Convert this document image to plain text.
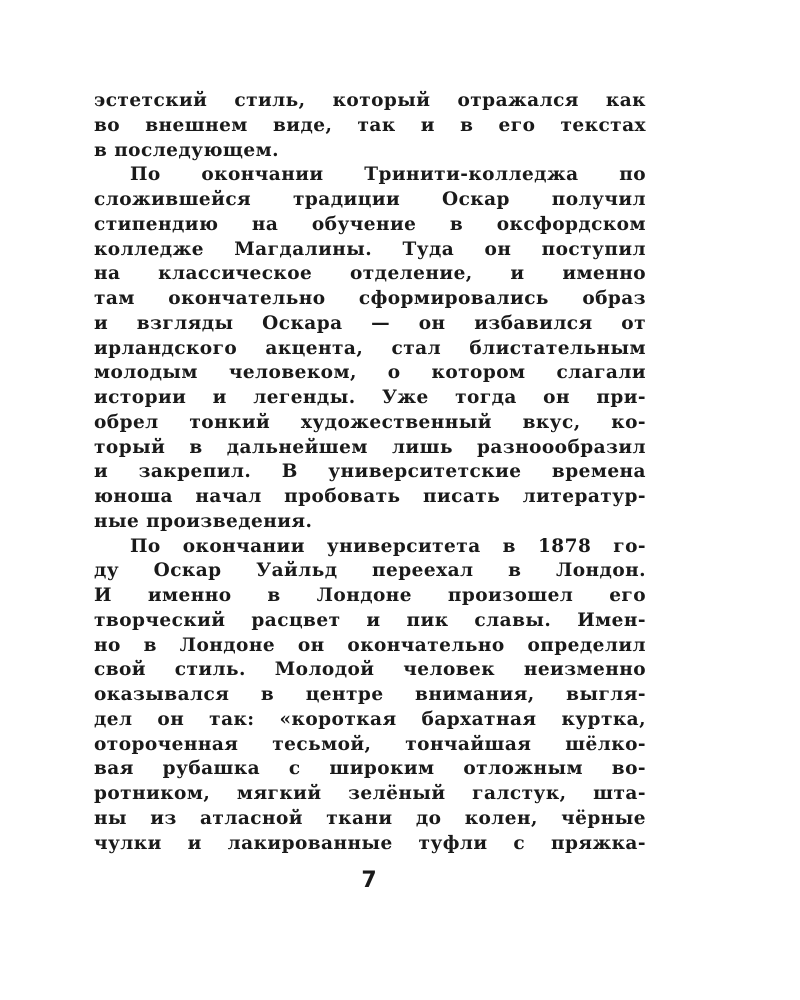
эстетский стиль, который отражался как
во внешнем виде, так и в его текстах
в последующем.
По окончании Тринити-колледжа по
сложившейся традиции Оскар получил
стипендию на обучение в оксфордском
колледже Магдалины. Туда он поступил
на классическое отделение, и именно
там окончательно сформировались образ
и взгляды Оскара — он избавился от
ирландского акцента, стал блистательным
молодым человеком, о котором слагали
истории и легенды. Уже тогда он при-
обрел тонкий художественный вкус, ко-
торый в дальнейшем лишь разнооoбразил
и закрепил. В университетские времена
юноша начал пробовать писать литератур-
ные произведения.
По окончании университета в 1878 го-
ду Оскар Уайльд переехал в Лондон.
И именно в Лондоне произошел его
творческий расцвет и пик славы. Имен-
но в Лондоне он окончательно определил
свой стиль. Молодой человек неизменно
оказывался в центре внимания, выгля-
дел он так: «короткая бархатная куртка,
отороченная тесьмой, тончайшая шёлко-
вая рубашка с широким отложным во-
ротником, мягкий зелёный галстук, шта-
ны из атласной ткани до колен, чёрные
чулки и лакированные туфли с пряжка-
7
